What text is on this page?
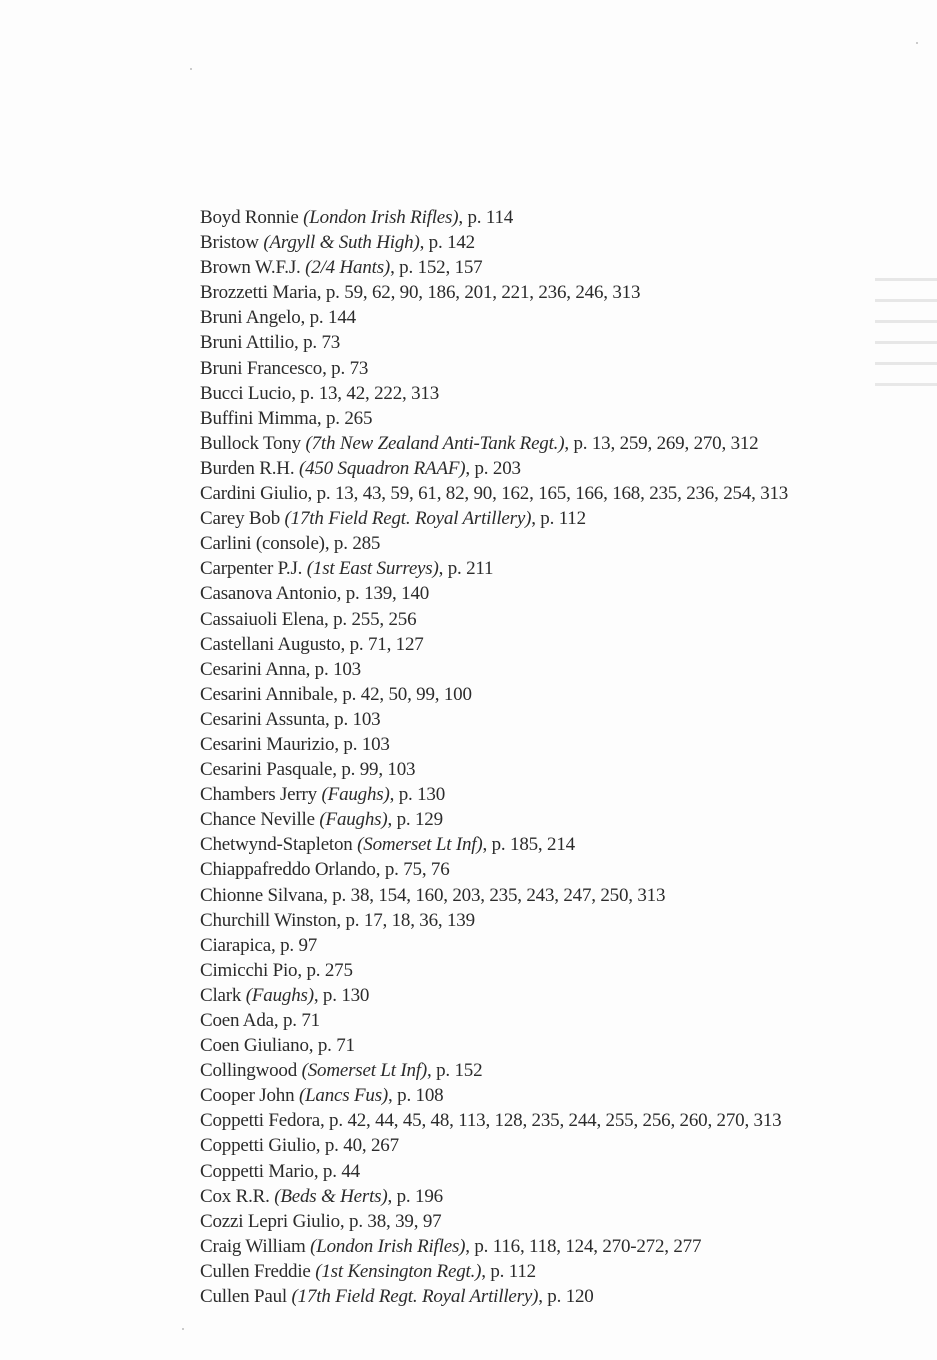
Boyd Ronnie (London Irish Rifles), p. 114
Bristow (Argyll & Suth High), p. 142
Brown W.F.J. (2/4 Hants), p. 152, 157
Brozzetti Maria, p. 59, 62, 90, 186, 201, 221, 236, 246, 313
Bruni Angelo, p. 144
Bruni Attilio, p. 73
Bruni Francesco, p. 73
Bucci Lucio, p. 13, 42, 222, 313
Buffini Mimma, p. 265
Bullock Tony (7th New Zealand Anti-Tank Regt.), p. 13, 259, 269, 270, 312
Burden R.H. (450 Squadron RAAF), p. 203
Cardini Giulio, p. 13, 43, 59, 61, 82, 90, 162, 165, 166, 168, 235, 236, 254, 313
Carey Bob (17th Field Regt. Royal Artillery), p. 112
Carlini (console), p. 285
Carpenter P.J. (1st East Surreys), p. 211
Casanova Antonio, p. 139, 140
Cassaiuoli Elena, p. 255, 256
Castellani Augusto, p. 71, 127
Cesarini Anna, p. 103
Cesarini Annibale, p. 42, 50, 99, 100
Cesarini Assunta, p. 103
Cesarini Maurizio, p. 103
Cesarini Pasquale, p. 99, 103
Chambers Jerry (Faughs), p. 130
Chance Neville (Faughs), p. 129
Chetwynd-Stapleton (Somerset Lt Inf), p. 185, 214
Chiappafreddo Orlando, p. 75, 76
Chionne Silvana, p. 38, 154, 160, 203, 235, 243, 247, 250, 313
Churchill Winston, p. 17, 18, 36, 139
Ciarapica, p. 97
Cimicchi Pio, p. 275
Clark (Faughs), p. 130
Coen Ada, p. 71
Coen Giuliano, p. 71
Collingwood (Somerset Lt Inf), p. 152
Cooper John (Lancs Fus), p. 108
Coppetti Fedora, p. 42, 44, 45, 48, 113, 128, 235, 244, 255, 256, 260, 270, 313
Coppetti Giulio, p. 40, 267
Coppetti Mario, p. 44
Cox R.R. (Beds & Herts), p. 196
Cozzi Lepri Giulio, p. 38, 39, 97
Craig William (London Irish Rifles), p. 116, 118, 124, 270-272, 277
Cullen Freddie (1st Kensington Regt.), p. 112
Cullen Paul (17th Field Regt. Royal Artillery), p. 120
